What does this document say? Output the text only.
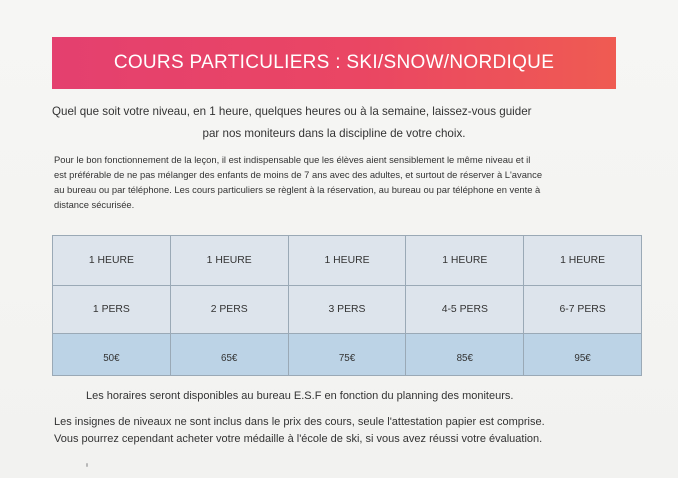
COURS PARTICULIERS : SKI/SNOW/NORDIQUE
Quel que soit votre niveau, en 1 heure, quelques heures ou à la semaine, laissez-vous guider
par nos moniteurs dans la discipline de votre choix.
Pour le bon fonctionnement de la leçon, il est indispensable que les élèves aient sensiblement le même niveau et il
est préférable de ne pas mélanger des enfants de moins de 7 ans avec des adultes, et surtout de réserver à L'avance
au bureau ou par téléphone. Les cours particuliers se règlent à la réservation, au bureau ou par téléphone en vente à
distance sécurisée.
1 HEURE	1 HEURE	1 HEURE	1 HEURE	1 HEURE
1 PERS	2 PERS	3 PERS	4-5 PERS	6-7 PERS
50€	65€	75€	85€	95€
Les horaires seront disponibles au bureau E.S.F en fonction du planning des moniteurs.
Les insignes de niveaux ne sont inclus dans le prix des cours, seule l'attestation papier est comprise.
Vous pourrez cependant acheter votre médaille à l'école de ski, si vous avez réussi votre évaluation.
